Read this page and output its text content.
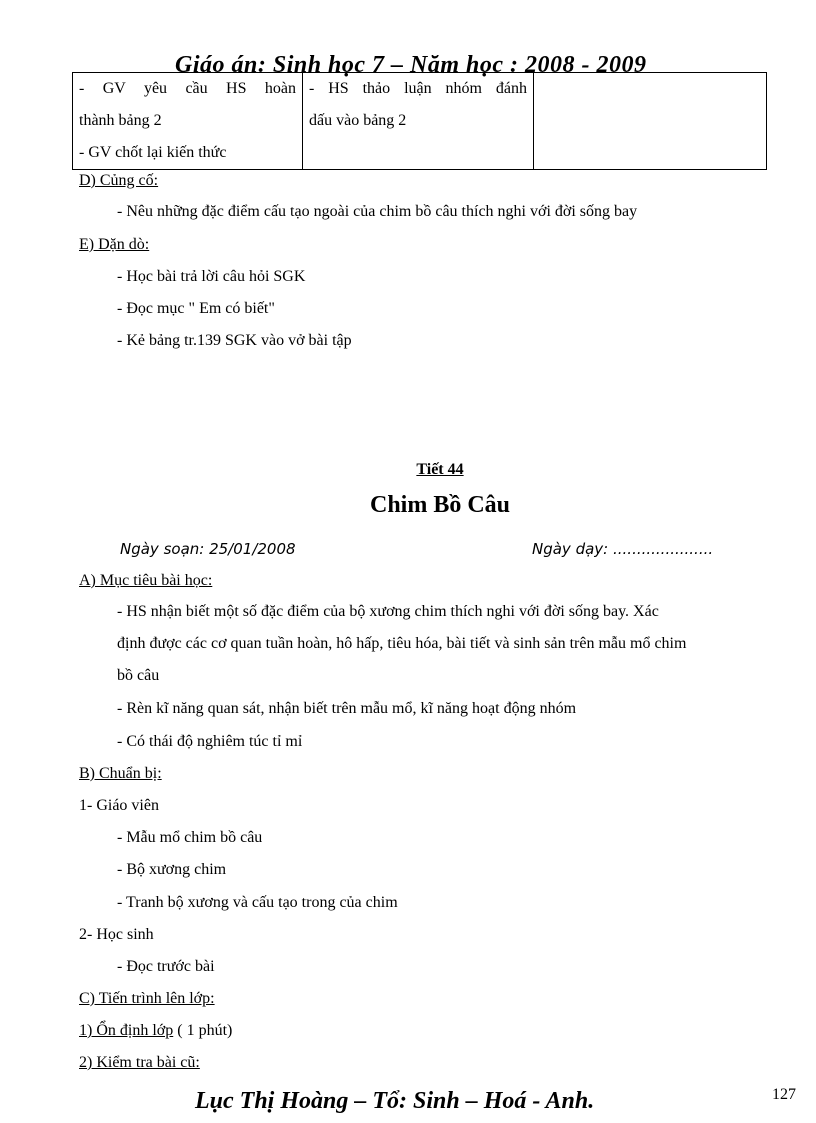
Giáo án: Sinh học 7 – Năm học : 2008 - 2009
- GV yêu cầu HS hoàn
thành bảng 2
- GV chốt lại kiến thức

- HS thảo luận nhóm đánh
dấu vào bảng 2

D) Củng cố:
- Nêu những đặc điểm cấu tạo ngoài của chim bồ câu thích nghi với đời sống bay
E) Dặn dò:
- Học bài trả lời câu hỏi SGK
- Đọc mục " Em có biết"
- Kẻ bảng tr.139 SGK vào vở bài tập
Tiết 44
Chim Bồ Câu
Ngày soạn: 25/01/2008	Ngày dạy: .....................
A) Mục tiêu bài học:
- HS nhận biết một số đặc điểm của bộ xương chim thích nghi với đời sống bay. Xác
định được các cơ quan tuần hoàn, hô hấp, tiêu hóa, bài tiết và sinh sản trên mẫu mổ chim
bồ câu
- Rèn kĩ năng quan sát, nhận biết trên mẫu mổ, kĩ năng hoạt động nhóm
- Có thái độ nghiêm túc tỉ mỉ
B) Chuẩn bị:
1- Giáo viên
- Mẫu mổ chim bồ câu
- Bộ xương chim
- Tranh bộ xương và cấu tạo trong của chim
2- Học sinh
- Đọc trước bài
C) Tiến trình lên lớp:
1) Ổn định lớp ( 1 phút)
2) Kiểm tra bài cũ:
Lục Thị Hoàng – Tổ: Sinh – Hoá - Anh.	127
